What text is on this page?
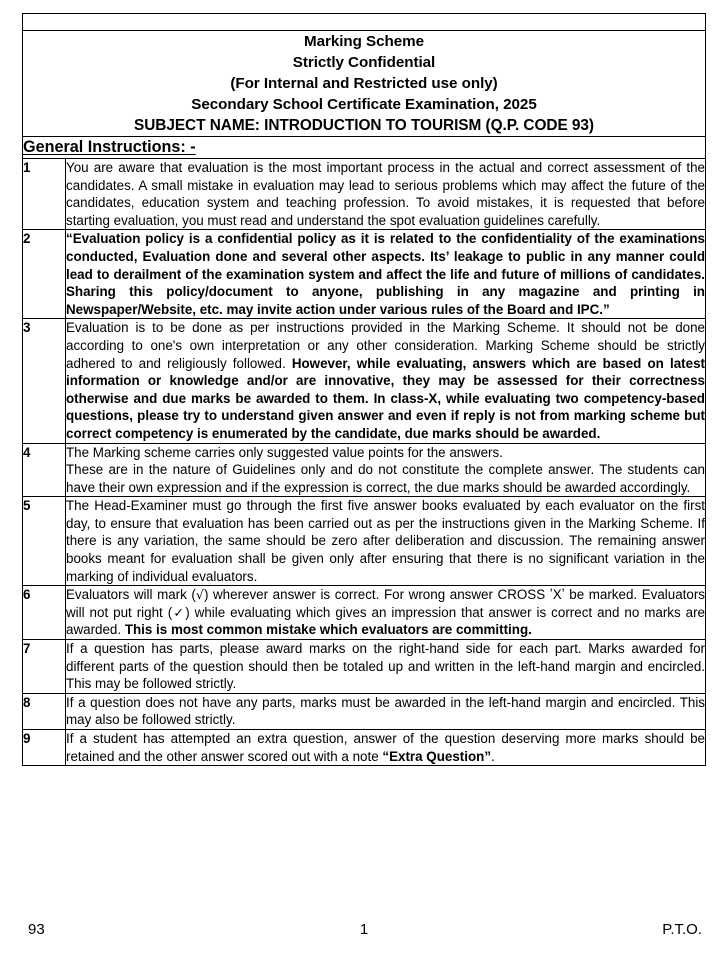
Marking Scheme
Strictly Confidential
(For Internal and Restricted use only)
Secondary School Certificate Examination, 2025
SUBJECT NAME: INTRODUCTION TO TOURISM (Q.P. CODE 93)	

General Instructions: -	
1	You are aware that evaluation is the most important process in the actual and correct assessment of the candidates. A small mistake in evaluation may lead to serious problems which may affect the future of the candidates, education system and teaching profession. To avoid mistakes, it is requested that before starting evaluation, you must read and understand the spot evaluation guidelines carefully.

2	“Evaluation policy is a confidential policy as it is related to the confidentiality of the examinations conducted, Evaluation done and several other aspects. Its’ leakage to public in any manner could lead to derailment of the examination system and affect the life and future of millions of candidates. Sharing this policy/document to anyone, publishing in any magazine and printing in Newspaper/Website, etc. may invite action under various rules of the Board and IPC.”

3	Evaluation is to be done as per instructions provided in the Marking Scheme. It should not be done according to one's own interpretation or any other consideration. Marking Scheme should be strictly adhered to and religiously followed. However, while evaluating, answers which are based on latest information or knowledge and/or are innovative, they may be assessed for their correctness otherwise and due marks be awarded to them. In class-X, while evaluating two competency-based questions, please try to understand given answer and even if reply is not from marking scheme but correct competency is enumerated by the candidate, due marks should be awarded.

4	The Marking scheme carries only suggested value points for the answers.

These are in the nature of Guidelines only and do not constitute the complete answer. The students can have their own expression and if the expression is correct, the due marks should be awarded accordingly.

5	The Head-Examiner must go through the first five answer books evaluated by each evaluator on the first day, to ensure that evaluation has been carried out as per the instructions given in the Marking Scheme. If there is any variation, the same should be zero after deliberation and discussion. The remaining answer books meant for evaluation shall be given only after ensuring that there is no significant variation in the marking of individual evaluators.

6	Evaluators will mark (√) wherever answer is correct. For wrong answer CROSS ʼXʼ be marked. Evaluators will not put right (✓) while evaluating which gives an impression that answer is correct and no marks are awarded. This is most common mistake which evaluators are committing.

7	If a question has parts, please award marks on the right-hand side for each part. Marks awarded for different parts of the question should then be totaled up and written in the left-hand margin and encircled. This may be followed strictly.

8	If a question does not have any parts, marks must be awarded in the left-hand margin and encircled. This may also be followed strictly.

9	If a student has attempted an extra question, answer of the question deserving more marks should be retained and the other answer scored out with a note “Extra Question”.

93	1	P.T.O.
